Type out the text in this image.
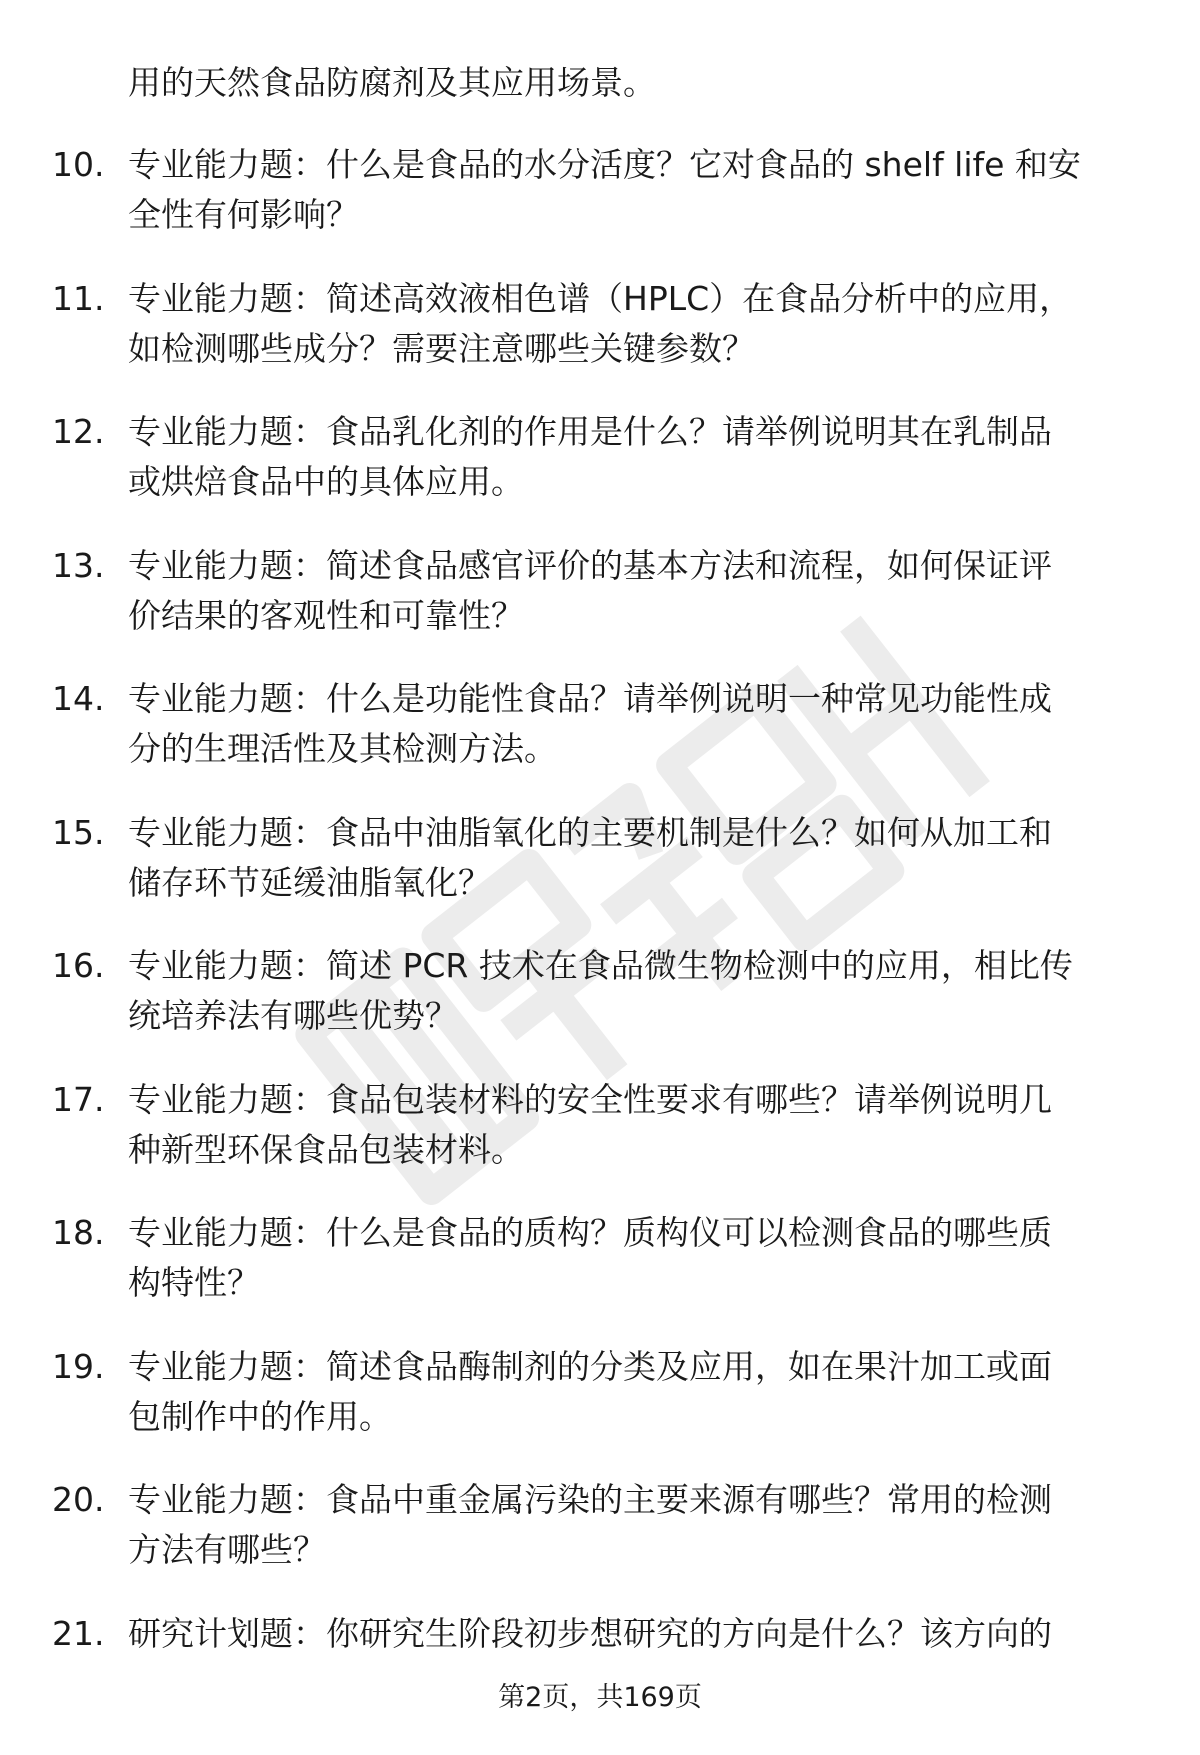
用的天然食品防腐剂及其应用场景。
10. 专业能力题：什么是食品的水分活度？它对食品的 shelf life 和安
全性有何影响？
11. 专业能力题：简述高效液相色谱（HPLC）在食品分析中的应用，
如检测哪些成分？需要注意哪些关键参数？
12. 专业能力题：食品乳化剂的作用是什么？请举例说明其在乳制品
或烘焙食品中的具体应用。
13. 专业能力题：简述食品感官评价的基本方法和流程，如何保证评
价结果的客观性和可靠性？
14. 专业能力题：什么是功能性食品？请举例说明一种常见功能性成
分的生理活性及其检测方法。
15. 专业能力题：食品中油脂氧化的主要机制是什么？如何从加工和
储存环节延缓油脂氧化？
16. 专业能力题：简述 PCR 技术在食品微生物检测中的应用，相比传
统培养法有哪些优势？
17. 专业能力题：食品包装材料的安全性要求有哪些？请举例说明几
种新型环保食品包装材料。
18. 专业能力题：什么是食品的质构？质构仪可以检测食品的哪些质
构特性？
19. 专业能力题：简述食品酶制剂的分类及应用，如在果汁加工或面
包制作中的作用。
20. 专业能力题：食品中重金属污染的主要来源有哪些？常用的检测
方法有哪些？
21. 研究计划题：你研究生阶段初步想研究的方向是什么？该方向的
第2页，共169页
